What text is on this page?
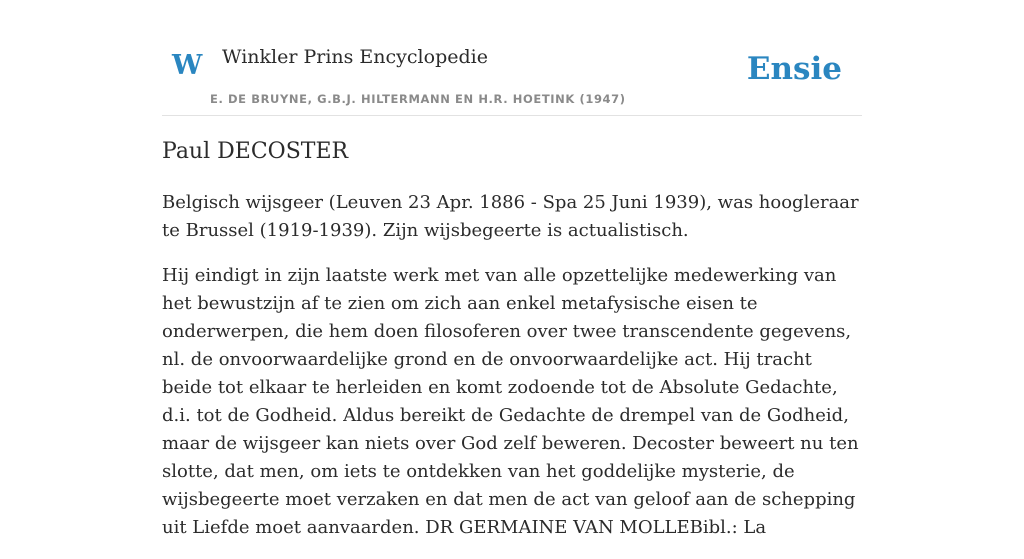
W Winkler Prins Encyclopedie
E. DE BRUYNE, G.B.J. HILTERMANN EN H.R. HOETINK (1947)
Ensie
Paul DECOSTER

Belgisch wijsgeer (Leuven 23 Apr. 1886 - Spa 25 Juni 1939), was hoogleraar te Brussel (1919-1939). Zijn wijsbegeerte is actualistisch.

Hij eindigt in zijn laatste werk met van alle opzettelijke medewerking van het bewustzijn af te zien om zich aan enkel metafysische eisen te onderwerpen, die hem doen filosoferen over twee transcendente gegevens, nl. de onvoorwaardelijke grond en de onvoorwaardelijke act. Hij tracht beide tot elkaar te herleiden en komt zodoende tot de Absolute Gedachte, d.i. tot de Godheid. Aldus bereikt de Gedachte de drempel van de Godheid, maar de wijsgeer kan niets over God zelf beweren. Decoster beweert nu ten slotte, dat men, om iets te ontdekken van het goddelijke mysterie, de wijsbegeerte moet verzaken en dat men de act van geloof aan de schepping uit Liefde moet aanvaarden. DR GERMAINE VAN MOLLEBibl.: La
